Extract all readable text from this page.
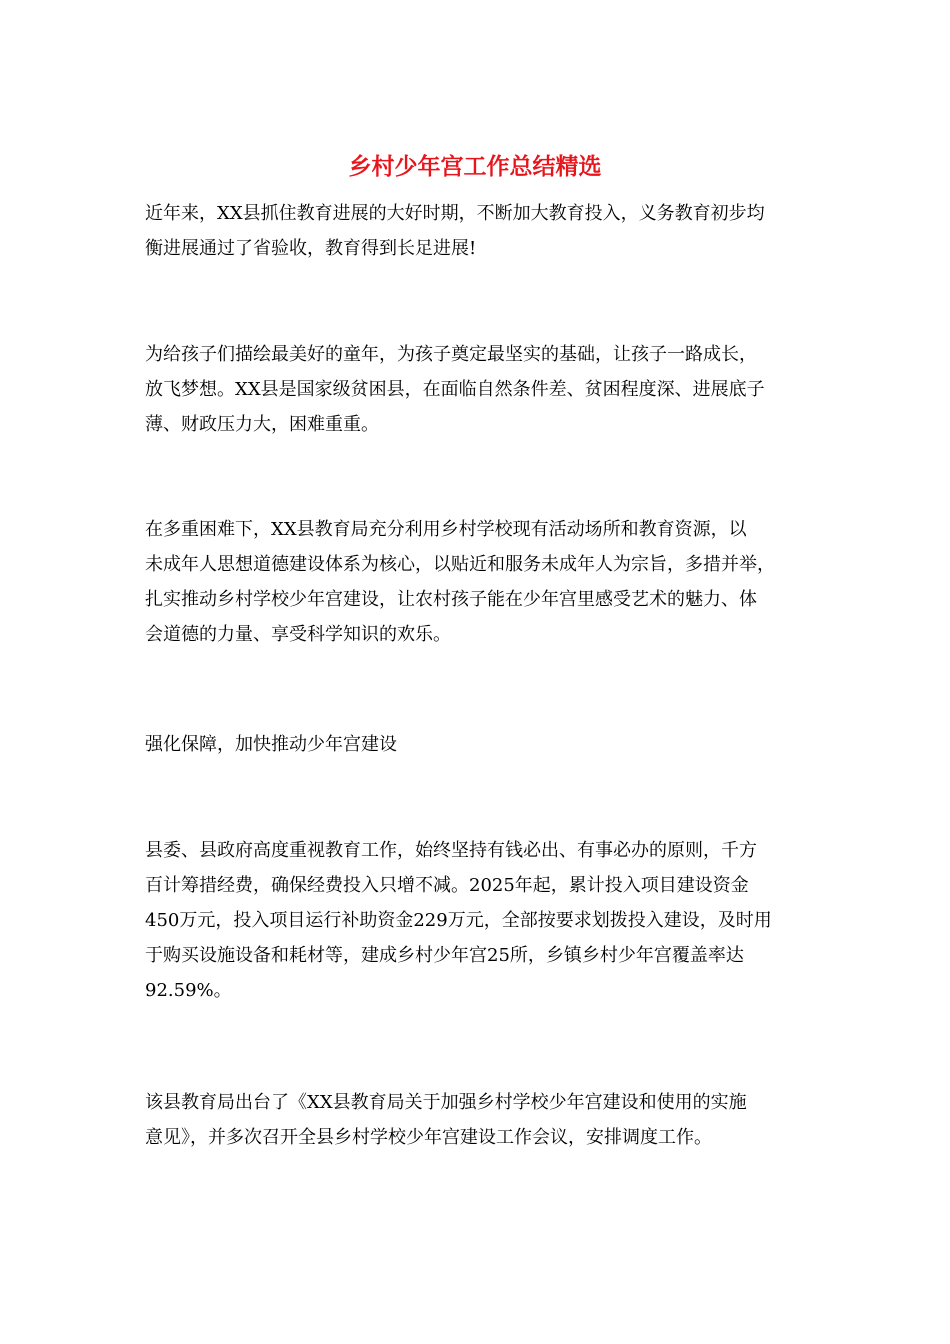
乡村少年宫工作总结精选

近年来，XX县抓住教育进展的大好时期，不断加大教育投入，义务教育初步均
衡进展通过了省验收，教育得到长足进展!

为给孩子们描绘最美好的童年，为孩子奠定最坚实的基础，让孩子一路成长，
放飞梦想。XX县是国家级贫困县，在面临自然条件差、贫困程度深、进展底子
薄、财政压力大，困难重重。

在多重困难下，XX县教育局充分利用乡村学校现有活动场所和教育资源，以
未成年人思想道德建设体系为核心，以贴近和服务未成年人为宗旨，多措并举，
扎实推动乡村学校少年宫建设，让农村孩子能在少年宫里感受艺术的魅力、体
会道德的力量、享受科学知识的欢乐。

强化保障，加快推动少年宫建设

县委、县政府高度重视教育工作，始终坚持有钱必出、有事必办的原则，千方
百计筹措经费，确保经费投入只增不减。2025年起，累计投入项目建设资金
450万元，投入项目运行补助资金229万元，全部按要求划拨投入建设，及时用
于购买设施设备和耗材等，建成乡村少年宫25所，乡镇乡村少年宫覆盖率达
92.59%。

该县教育局出台了《XX县教育局关于加强乡村学校少年宫建设和使用的实施
意见》，并多次召开全县乡村学校少年宫建设工作会议，安排调度工作。
